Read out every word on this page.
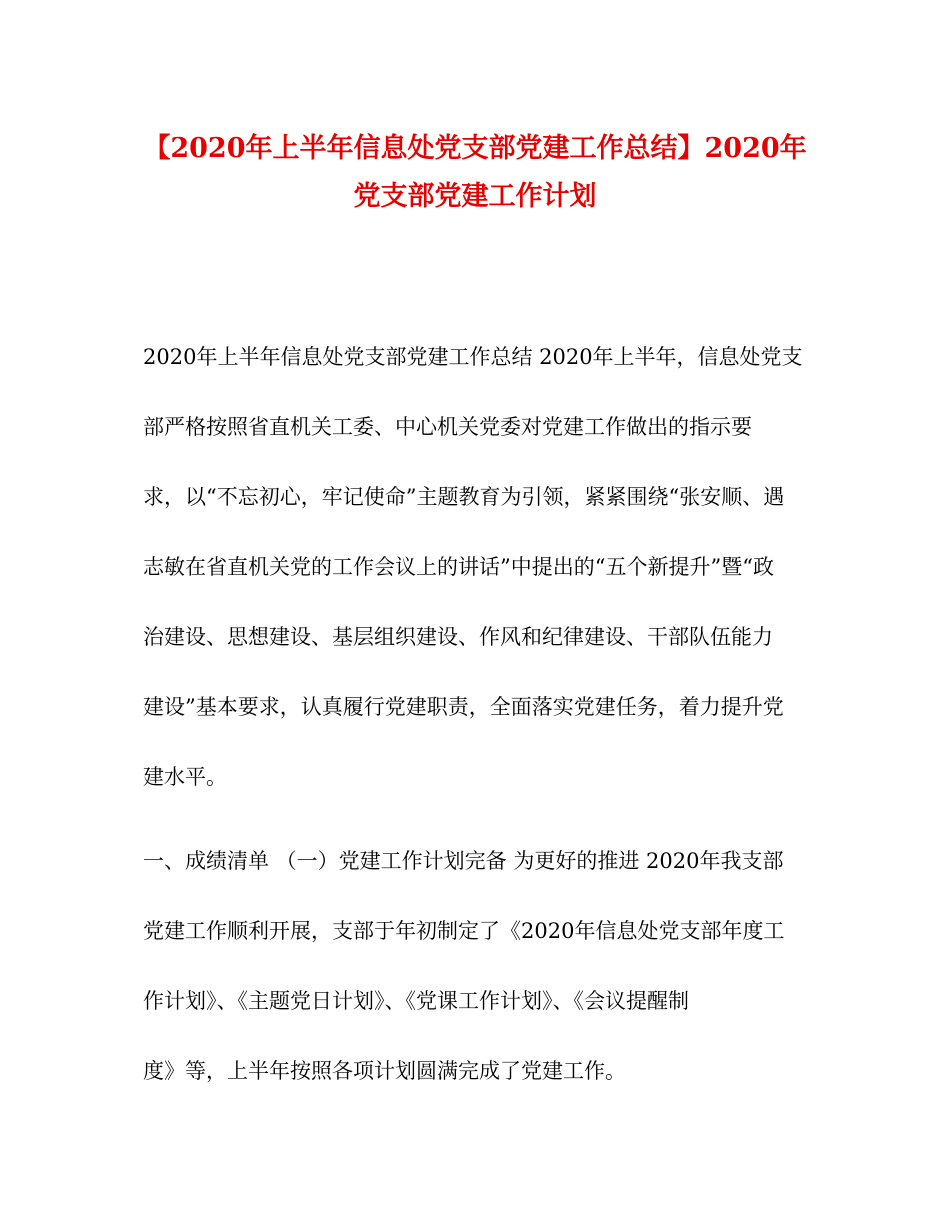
【2020年上半年信息处党支部党建工作总结】2020年
党支部党建工作计划
2020年上半年信息处党支部党建工作总结 2020年上半年，信息处党支
部严格按照省直机关工委、中心机关党委对党建工作做出的指示要
求，以“不忘初心，牢记使命”主题教育为引领，紧紧围绕“张安顺、遇
志敏在省直机关党的工作会议上的讲话”中提出的“五个新提升”暨“政
治建设、思想建设、基层组织建设、作风和纪律建设、干部队伍能力
建设”基本要求，认真履行党建职责，全面落实党建任务，着力提升党
建水平。
一、成绩清单 （一）党建工作计划完备 为更好的推进 2020年我支部
党建工作顺利开展，支部于年初制定了《2020年信息处党支部年度工
作计划》、《主题党日计划》、《党课工作计划》、《会议提醒制
度》等，上半年按照各项计划圆满完成了党建工作。
